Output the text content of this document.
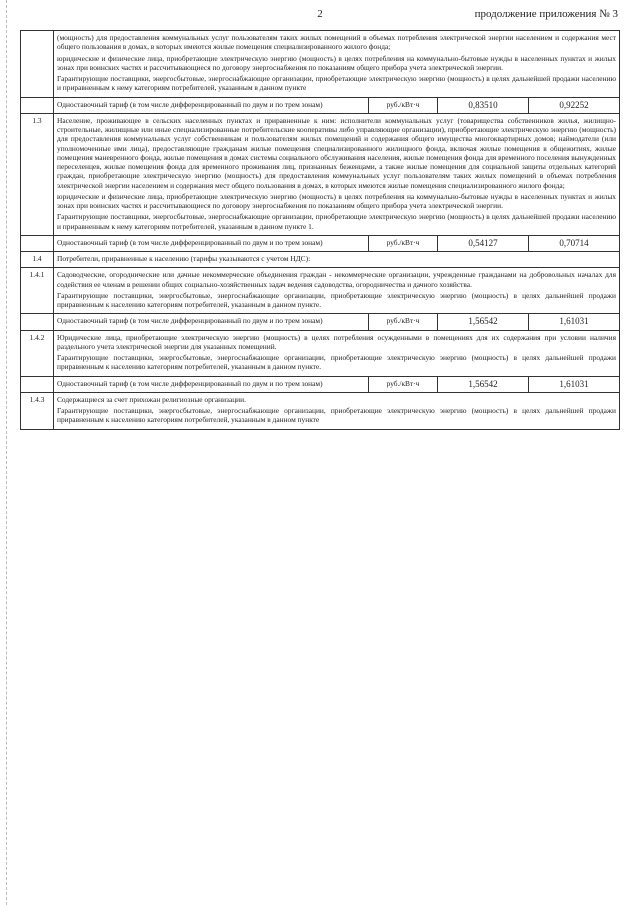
2	продолжение приложения № 3

	(мощность) для предоставления коммунальных услуг пользователям таких жилых помещений в объемах потребления электрической энергии населением и содержания мест общего пользования в домах, в которых имеются жилые помещения специализированного жилого фонда;

юридические и физические лица, приобретающие электрическую энергию (мощность) в целях потребления на коммунально-бытовые нужды в населенных пунктах и жилых зонах при воинских частях и рассчитывающиеся по договору энергоснабжения по показаниям общего прибора учета электрической энергии.

Гарантирующие поставщики, энергосбытовые, энергоснабжающие организации, приобретающие электрическую энергию (мощность) в целях дальнейшей продажи населению и приравненным к нему категориям потребителей, указанным в данном пункте			

	Одноставочный тариф (в том числе дифференцированный по двум и по трем зонам)	руб./кВт·ч	0,83510	0,92252
1.3	Население, проживающее в сельских населенных пунктах и приравненные к ним: исполнители коммунальных услуг (товарищества собственников жилья, жилищно-строительные, жилищные или иные специализированные потребительские кооперативы либо управляющие организации), приобретающие электрическую энергию (мощность) для предоставления коммунальных услуг собственникам и пользователям жилых помещений и содержания общего имущества многоквартирных домов; наймодатели (или уполномоченные ими лица), предоставляющие гражданам жилые помещения специализированного жилищного фонда, включая жилые помещения в общежитиях, жилые помещения маневренного фонда, жилые помещения в домах системы социального обслуживания населения, жилые помещения фонда для временного поселения вынужденных переселенцев, жилые помещения фонда для временного проживания лиц, признанных беженцами, а также жилые помещения для социальной защиты отдельных категорий граждан, приобретающие электрическую энергию (мощность) для предоставления коммунальных услуг пользователям таких жилых помещений в объемах потребления электрической энергии населением и содержания мест общего пользования в домах, в которых имеются жилые помещения специализированного жилого фонда;

юридические и физические лица, приобретающие электрическую энергию (мощность) в целях потребления на коммунально-бытовые нужды в населенных пунктах и жилых зонах при воинских частях и рассчитывающиеся по договору энергоснабжения по показаниям общего прибора учета электрической энергии.

Гарантирующие поставщики, энергосбытовые, энергоснабжающие организации, приобретающие электрическую энергию (мощность) в целях дальнейшей продажи населению и приравненным к нему категориям потребителей, указанным в данном пункте 1.			

	Одноставочный тариф (в том числе дифференцированный по двум и по трем зонам)	руб./кВт·ч	0,54127	0,70714
1.4	Потребители, приравненные к населению (тарифы указываются с учетом НДС):			

1.4.1	Садоводческие, огороднические или дачные некоммерческие объединения граждан - некоммерческие организации, учрежденные гражданами на добровольных началах для содействия ее членам в решении общих социально-хозяйственных задач ведения садоводства, огородничества и дачного хозяйства.

Гарантирующие поставщики, энергосбытовые, энергоснабжающие организации, приобретающие электрическую энергию (мощность) в целях дальнейшей продажи приравненным к населению категориям потребителей, указанным в данном пункте.			

	Одноставочный тариф (в том числе дифференцированный по двум и по трем зонам)	руб./кВт·ч	1,56542	1,61031
1.4.2	Юридические лица, приобретающие электрическую энергию (мощность) в целях потребления осужденными в помещениях для их содержания при условии наличия раздельного учета электрической энергии для указанных помещений.

Гарантирующие поставщики, энергосбытовые, энергоснабжающие организации, приобретающие электрическую энергию (мощность) в целях дальнейшей продажи приравненным к населению категориям потребителей, указанным в данном пункте.			

	Одноставочный тариф (в том числе дифференцированный по двум и по трем зонам)	руб./кВт·ч	1,56542	1,61031
1.4.3	Содержащиеся за счет прихожан религиозные организации.

Гарантирующие поставщики, энергосбытовые, энергоснабжающие организации, приобретающие электрическую энергию (мощность) в целях дальнейшей продажи приравненным к населению категориям потребителей, указанным в данном пункте			
